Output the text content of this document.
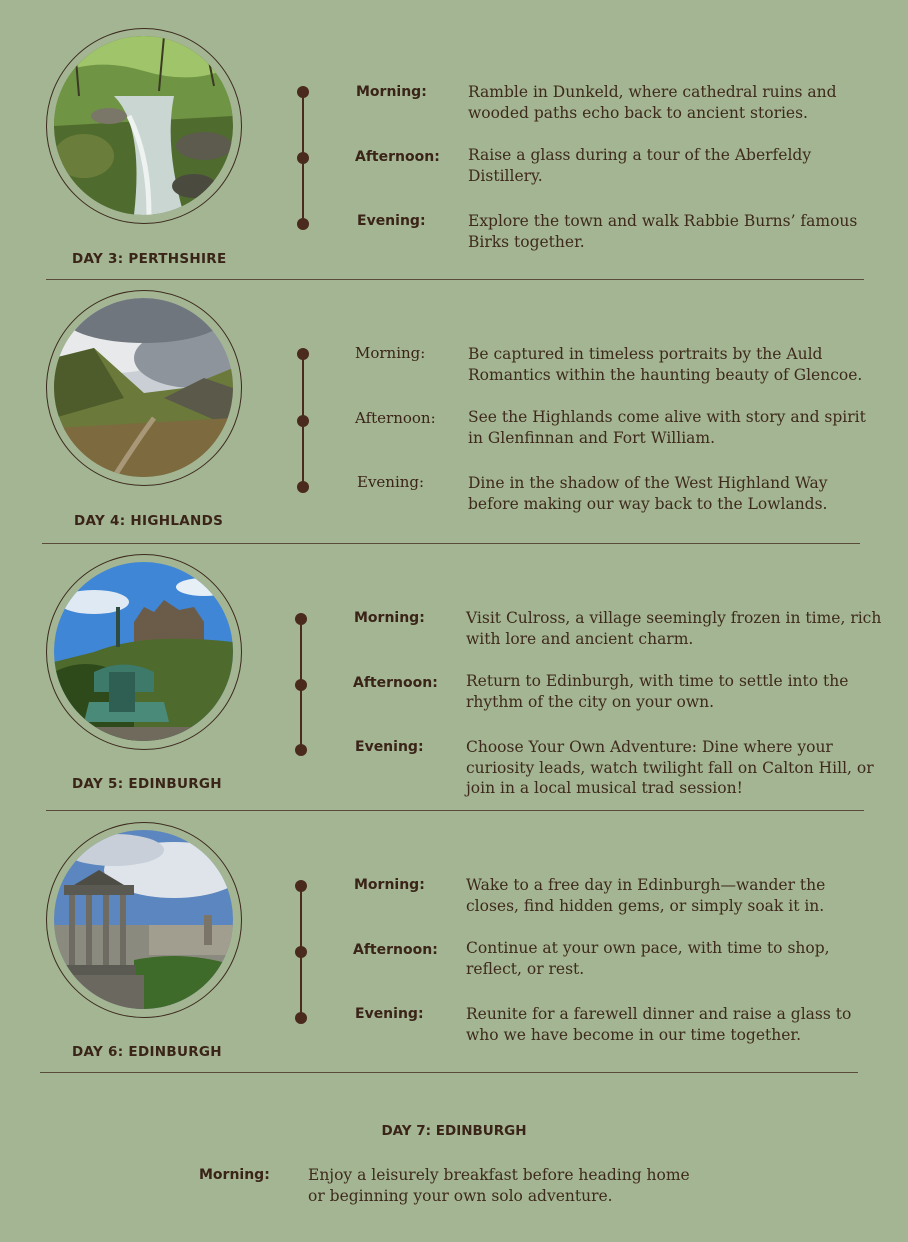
DAY 3: PERTHSHIRE
Morning:	Ramble in Dunkeld, where cathedral ruins and wooded paths echo back to ancient stories.
Afternoon: Raise a glass during a tour of the Aberfeldy Distillery.
Evening:	Explore the town and walk Rabbie Burns’ famous Birks together.
DAY 4: HIGHLANDS
Morning:	Be captured in timeless portraits by the Auld Romantics within the haunting beauty of Glencoe.
Afternoon: See the Highlands come alive with story and spirit in Glenfinnan and Fort William.
Evening:	Dine in the shadow of the West Highland Way before making our way back to the Lowlands.
DAY 5: EDINBURGH
Morning:	Visit Culross, a village seemingly frozen in time, rich with lore and ancient charm.
Afternoon: Return to Edinburgh, with time to settle into the rhythm of the city on your own.
Evening:	Choose Your Own Adventure: Dine where your curiosity leads, watch twilight fall on Calton Hill, or join in a local musical trad session!
DAY 6: EDINBURGH
Morning:	Wake to a free day in Edinburgh—wander the closes, find hidden gems, or simply soak it in.
Afternoon: Continue at your own pace, with time to shop, reflect, or rest.
Evening:	Reunite for a farewell dinner and raise a glass to who we have become in our time together.
DAY 7: EDINBURGH
Morning: Enjoy a leisurely breakfast before heading home or beginning your own solo adventure.
